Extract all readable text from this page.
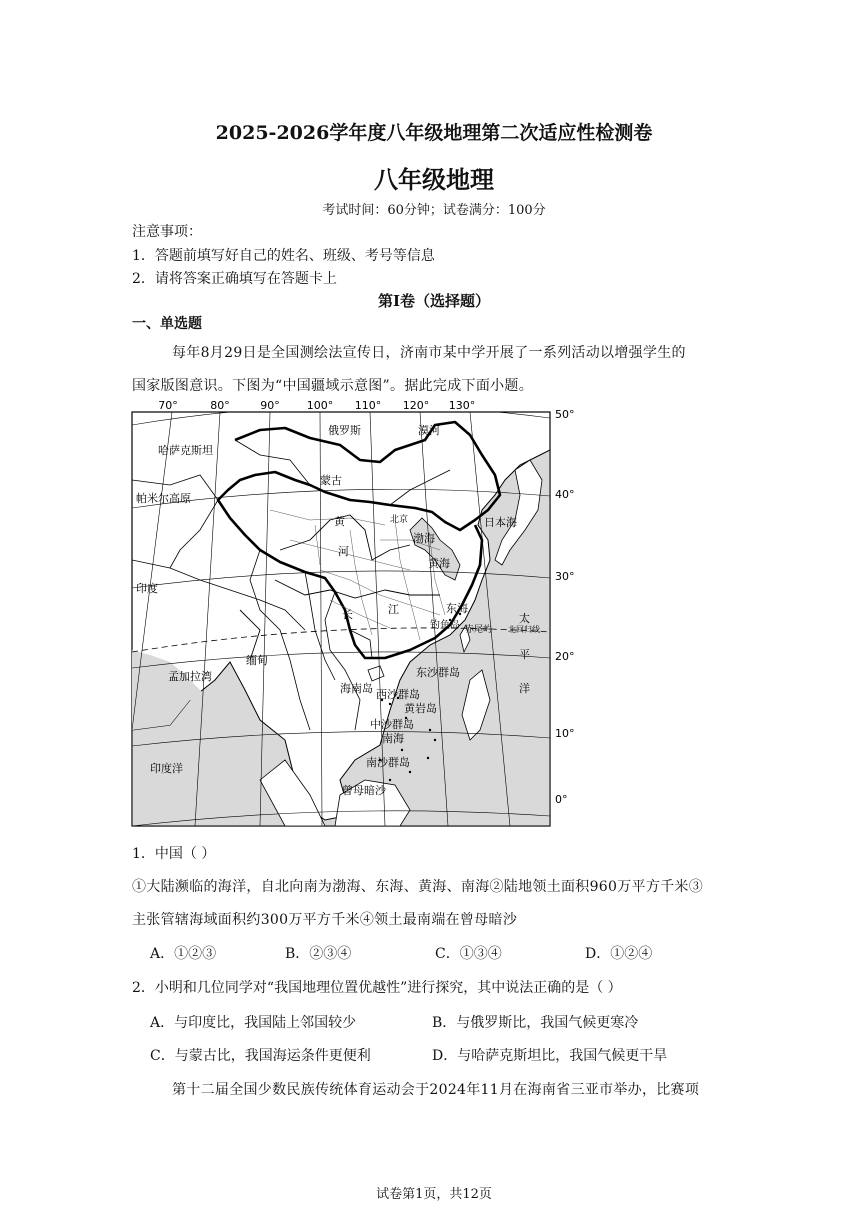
2025-2026学年度八年级地理第二次适应性检测卷
八年级地理
考试时间：60分钟；试卷满分：100分
注意事项：
1．答题前填写好自己的姓名、班级、考号等信息
2．请将答案正确填写在答题卡上
第Ⅰ卷（选择题）
一、单选题
每年8月29日是全国测绘法宣传日，济南市某中学开展了一系列活动以增强学生的
国家版图意识。下图为“中国疆域示意图”。据此完成下面小题。
70°	80°	90° 100° 110° 120° 130°
50°
40°
30°
20°
10°
0°
俄罗斯	漠河
哈萨克斯坦
蒙古
帕米尔高原
黄	北京
渤海
河
黄海
日本海
印度
东海
长	江
钓鱼岛 赤尾屿
太
北回归线
平
洋
缅甸
孟加拉湾	东沙群岛
海南岛 西沙群岛
黄岩岛
中沙群岛
南海
印度洋	南沙群岛
曾母暗沙
1．中国（ ）
①大陆濒临的海洋，自北向南为渤海、东海、黄海、南海②陆地领土面积960万平方千米③
主张管辖海域面积约300万平方千米④领土最南端在曾母暗沙
A．①②③	B．②③④	C．①③④	D．①②④
2．小明和几位同学对“我国地理位置优越性”进行探究，其中说法正确的是（ ）
A．与印度比，我国陆上邻国较少	B．与俄罗斯比，我国气候更寒冷
C．与蒙古比，我国海运条件更便利	D．与哈萨克斯坦比，我国气候更干旱
第十二届全国少数民族传统体育运动会于2024年11月在海南省三亚市举办，比赛项
试卷第1页，共12页
